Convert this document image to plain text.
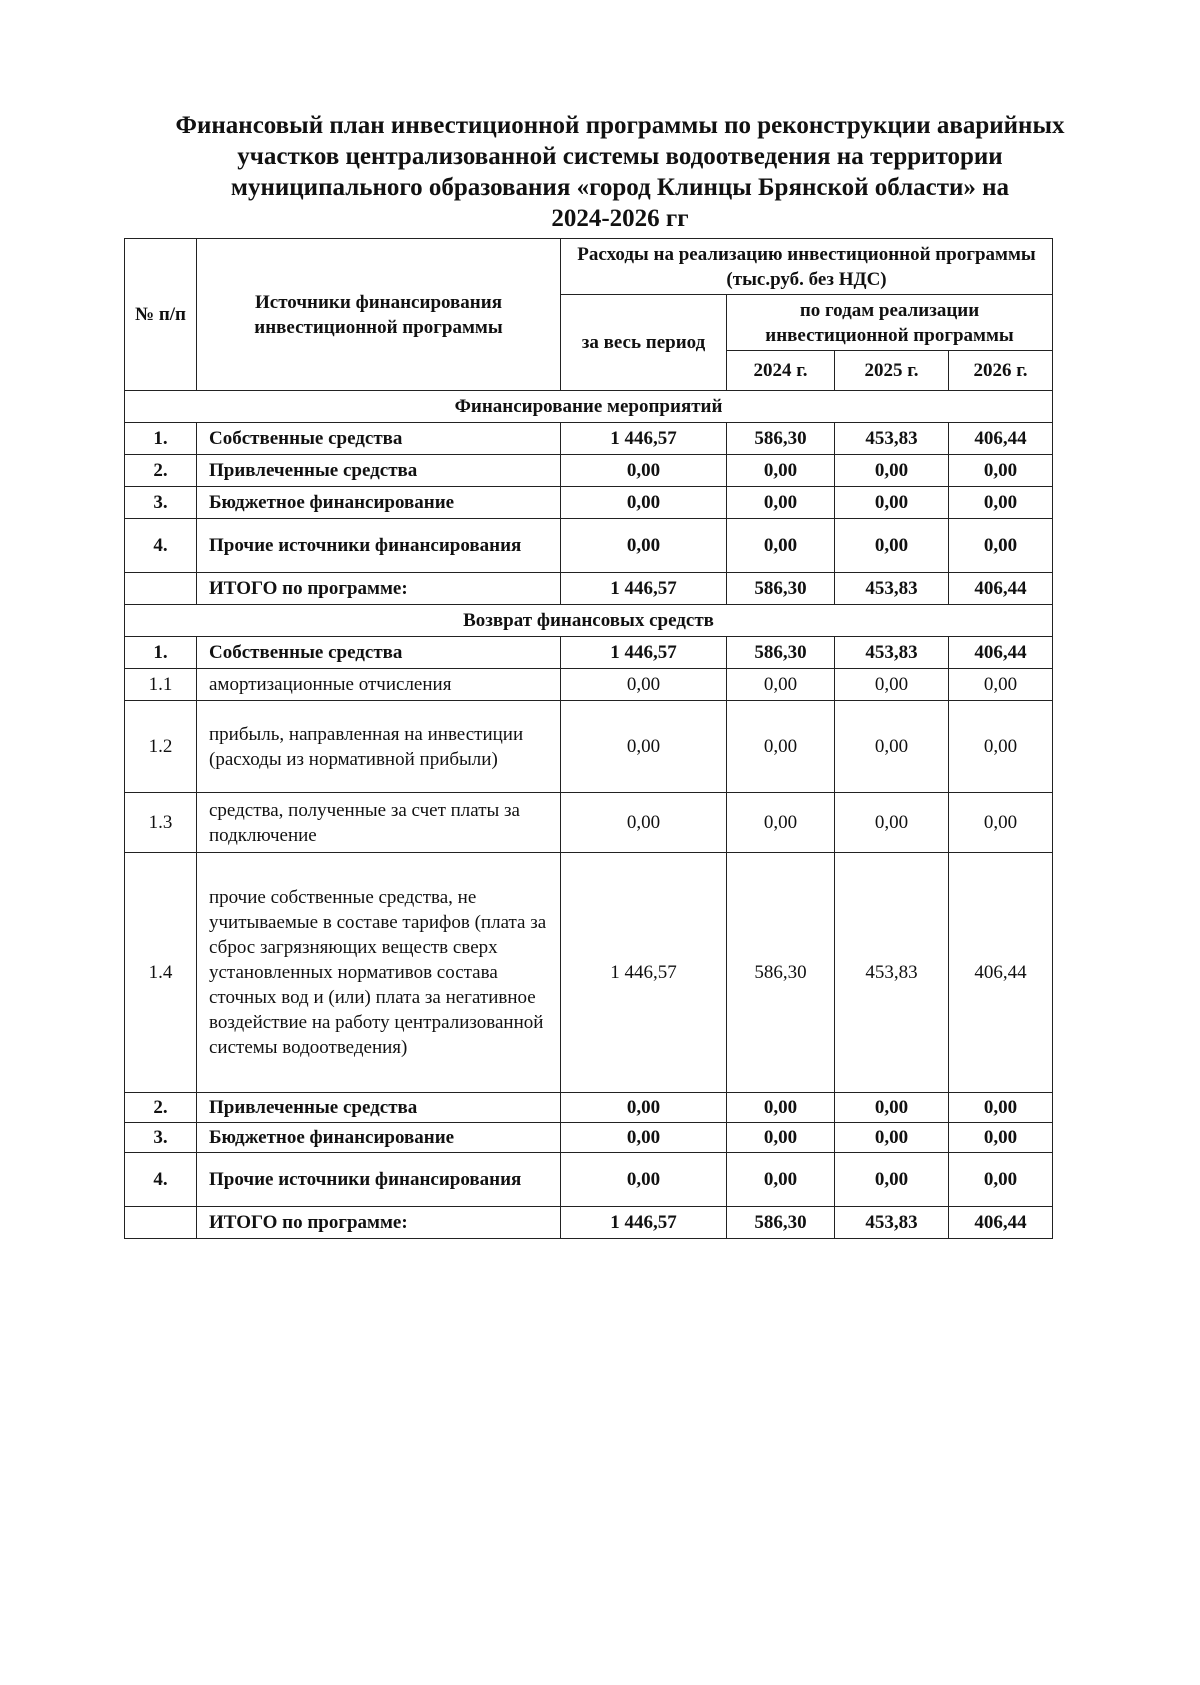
Финансовый план инвестиционной программы по реконструкции аварийных
участков централизованной системы водоотведения на территории
муниципального образования «город Клинцы Брянской области» на
2024-2026 гг
№ п/п	Источники финансирования инвестиционной программы	Расходы на реализацию инвестиционной программы (тыс.руб. без НДС)			
		за весь период	по годам реализации инвестиционной программы		
			2024 г.	2025 г.	2026 г.
Финансирование мероприятий					
1.	Собственные средства	1 446,57	586,30	453,83	406,44
2.	Привлеченные средства	0,00	0,00	0,00	0,00
3.	Бюджетное финансирование	0,00	0,00	0,00	0,00
4.	Прочие источники финансирования	0,00	0,00	0,00	0,00
	ИТОГО по программе:	1 446,57	586,30	453,83	406,44
Возврат финансовых средств					
1.	Собственные средства	1 446,57	586,30	453,83	406,44
1.1	амортизационные отчисления	0,00	0,00	0,00	0,00
1.2	прибыль, направленная на инвестиции (расходы из нормативной прибыли)	0,00	0,00	0,00	0,00
1.3	средства, полученные за счет платы за подключение	0,00	0,00	0,00	0,00
1.4	прочие собственные средства, не учитываемые в составе тарифов (плата за сброс загрязняющих веществ сверх установленных нормативов состава сточных вод и (или) плата за негативное воздействие на работу централизованной системы водоотведения)	1 446,57	586,30	453,83	406,44
2.	Привлеченные средства	0,00	0,00	0,00	0,00
3.	Бюджетное финансирование	0,00	0,00	0,00	0,00
4.	Прочие источники финансирования	0,00	0,00	0,00	0,00
	ИТОГО по программе:	1 446,57	586,30	453,83	406,44
